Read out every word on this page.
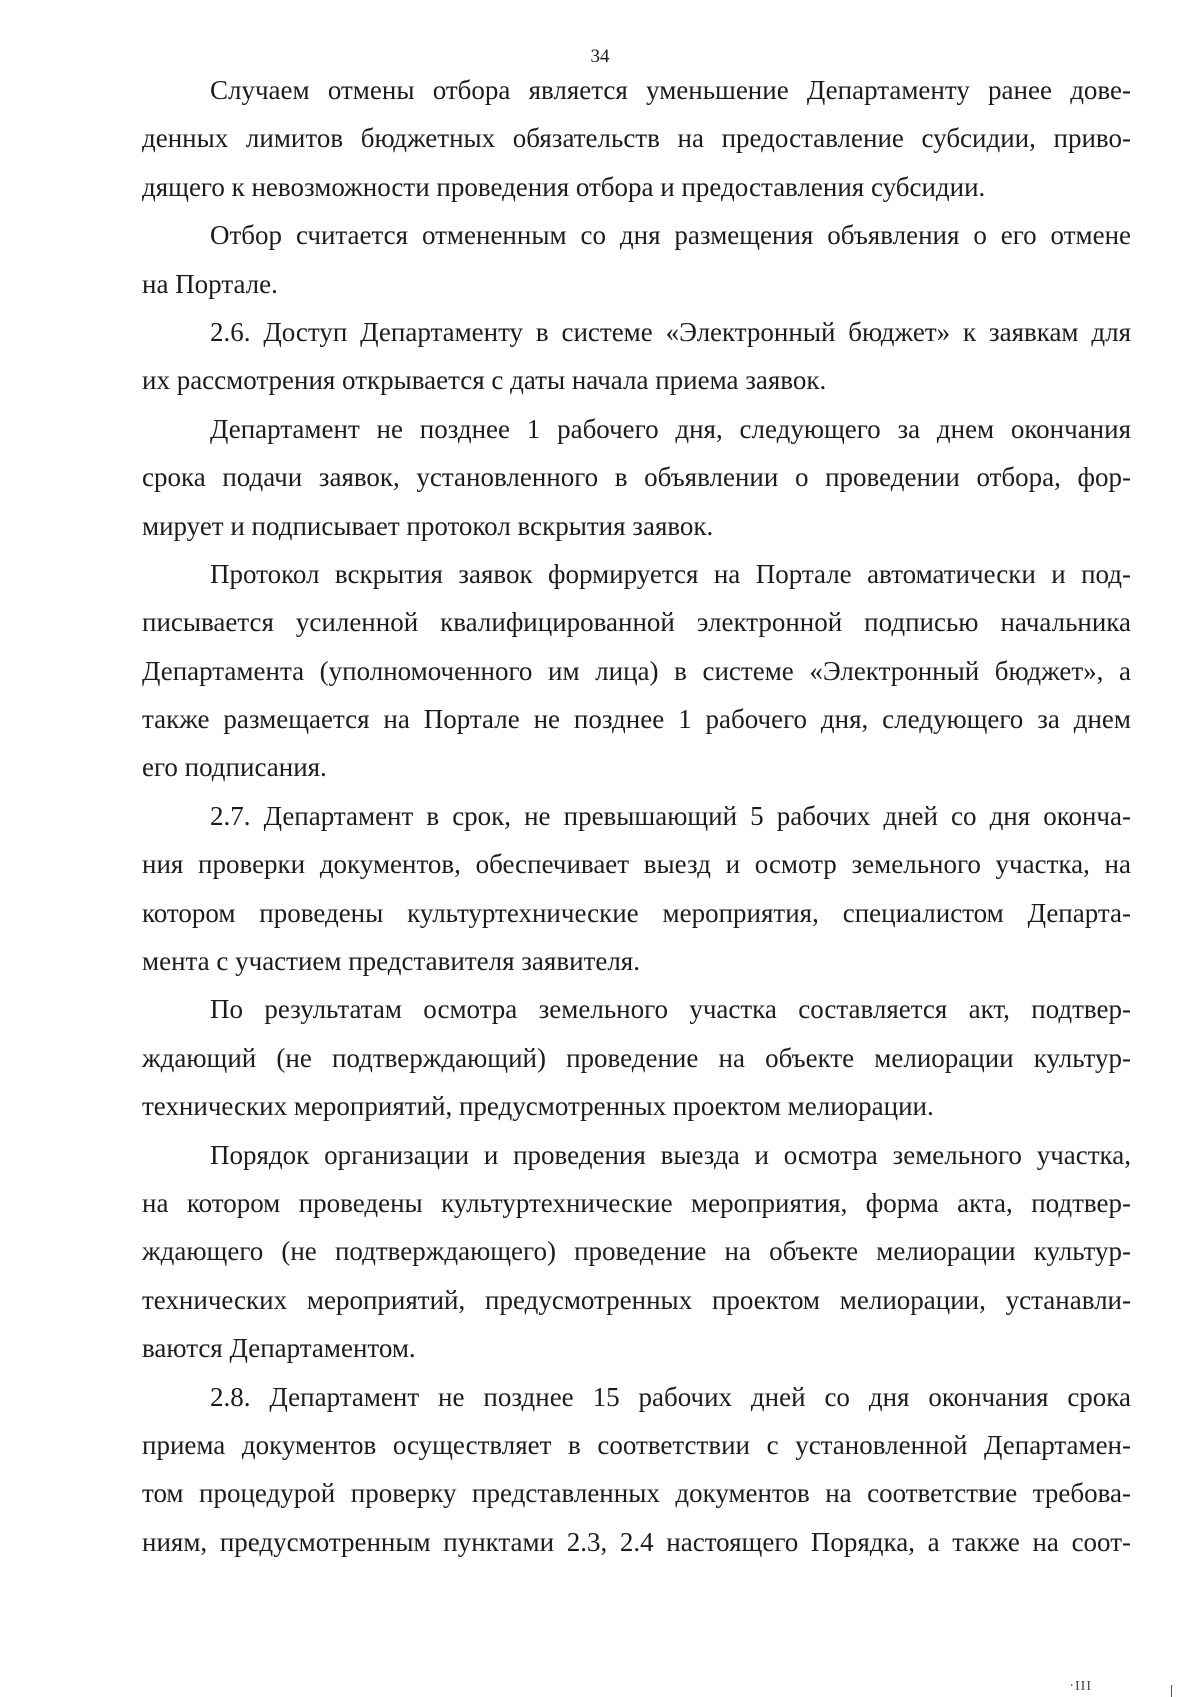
34
Случаем отмены отбора является уменьшение Департаменту ранее дове-
денных лимитов бюджетных обязательств на предоставление субсидии, приво-
дящего к невозможности проведения отбора и предоставления субсидии.
Отбор считается отмененным со дня размещения объявления о его отмене
на Портале.
2.6. Доступ Департаменту в системе «Электронный бюджет» к заявкам для
их рассмотрения открывается с даты начала приема заявок.
Департамент не позднее 1 рабочего дня, следующего за днем окончания
срока подачи заявок, установленного в объявлении о проведении отбора, фор-
мирует и подписывает протокол вскрытия заявок.
Протокол вскрытия заявок формируется на Портале автоматически и под-
писывается усиленной квалифицированной электронной подписью начальника
Департамента (уполномоченного им лица) в системе «Электронный бюджет», а
также размещается на Портале не позднее 1 рабочего дня, следующего за днем
его подписания.
2.7. Департамент в срок, не превышающий 5 рабочих дней со дня оконча-
ния проверки документов, обеспечивает выезд и осмотр земельного участка, на
котором проведены культуртехнические мероприятия, специалистом Департа-
мента с участием представителя заявителя.
По результатам осмотра земельного участка составляется акт, подтвер-
ждающий (не подтверждающий) проведение на объекте мелиорации культур-
технических мероприятий, предусмотренных проектом мелиорации.
Порядок организации и проведения выезда и осмотра земельного участка,
на котором проведены культуртехнические мероприятия, форма акта, подтвер-
ждающего (не подтверждающего) проведение на объекте мелиорации культур-
технических мероприятий, предусмотренных проектом мелиорации, устанавли-
ваются Департаментом.
2.8. Департамент не позднее 15 рабочих дней со дня окончания срока
приема документов осуществляет в соответствии с установленной Департамен-
том процедурой проверку представленных документов на соответствие требова-
ниям, предусмотренным пунктами 2.3, 2.4 настоящего Порядка, а также на соот-
·III
